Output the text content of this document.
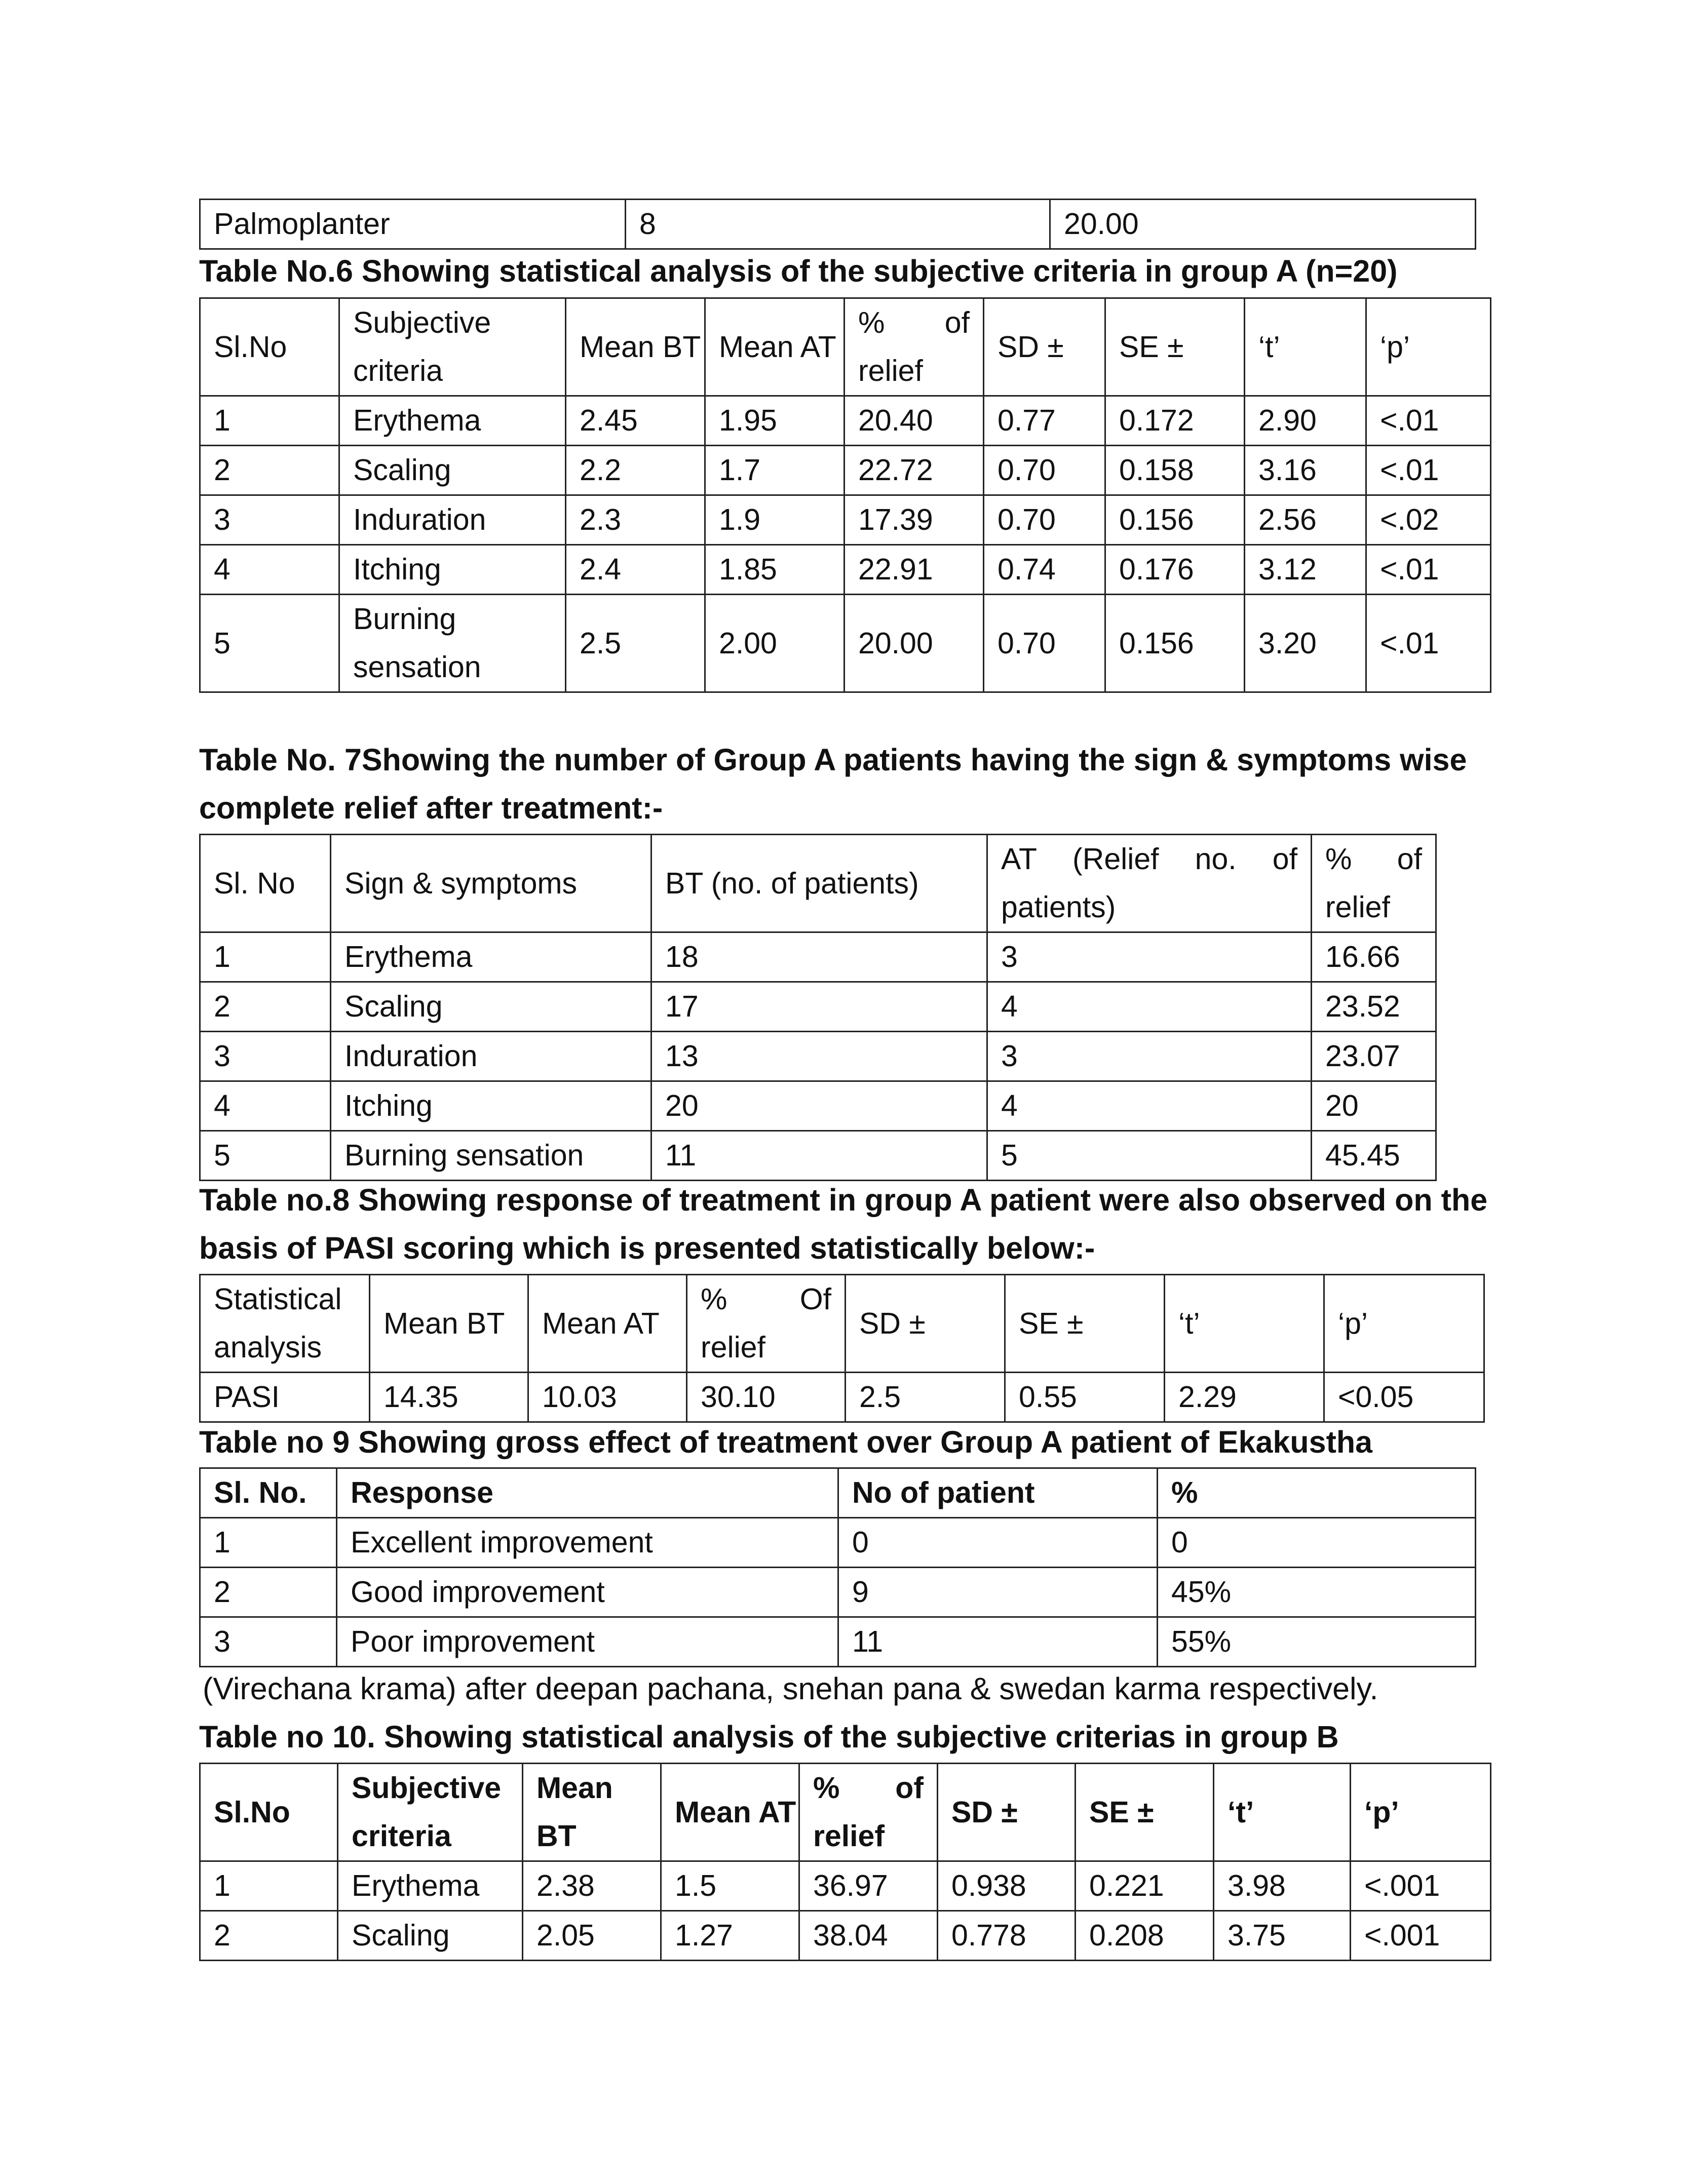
Palmoplanter	8	20.00
Table No.6 Showing statistical analysis of the subjective criteria in group A (n=20)
Sl.No	Subjective criteria	Mean BT	Mean AT	% of relief	SD ±	SE ±	‘t’	‘p’
1	Erythema	2.45	1.95	20.40	0.77	0.172	2.90	<.01
2	Scaling	2.2	1.7	22.72	0.70	0.158	3.16	<.01
3	Induration	2.3	1.9	17.39	0.70	0.156	2.56	<.02
4	Itching	2.4	1.85	22.91	0.74	0.176	3.12	<.01
5	Burning sensation	2.5	2.00	20.00	0.70	0.156	3.20	<.01
Table No. 7Showing the number of Group A patients having the sign & symptoms wise complete relief after treatment:-
Sl. No	Sign & symptoms	BT (no. of patients)	AT (Relief no. of patients)	% of relief
1	Erythema	18	3	16.66
2	Scaling	17	4	23.52
3	Induration	13	3	23.07
4	Itching	20	4	20
5	Burning sensation	11	5	45.45
Table no.8 Showing response of treatment in group A patient were also observed on the basis of PASI scoring which is presented statistically below:-
Statistical analysis	Mean BT	Mean AT	% Of relief	SD ±	SE ±	‘t’	‘p’
PASI	14.35	10.03	30.10	2.5	0.55	2.29	<0.05
Table no 9 Showing gross effect of treatment over Group A patient of Ekakustha
Sl. No.	Response	No of patient	%
1	Excellent improvement	0	0
2	Good improvement	9	45%
3	Poor improvement	11	55%
(Virechana krama) after deepan pachana, snehan pana & swedan karma respectively.
Table no 10. Showing statistical analysis of the subjective criterias in group B
Sl.No	Subjective criteria	Mean BT	Mean AT	% of relief	SD ±	SE ±	‘t’	‘p’
1	Erythema	2.38	1.5	36.97	0.938	0.221	3.98	<.001
2	Scaling	2.05	1.27	38.04	0.778	0.208	3.75	<.001
